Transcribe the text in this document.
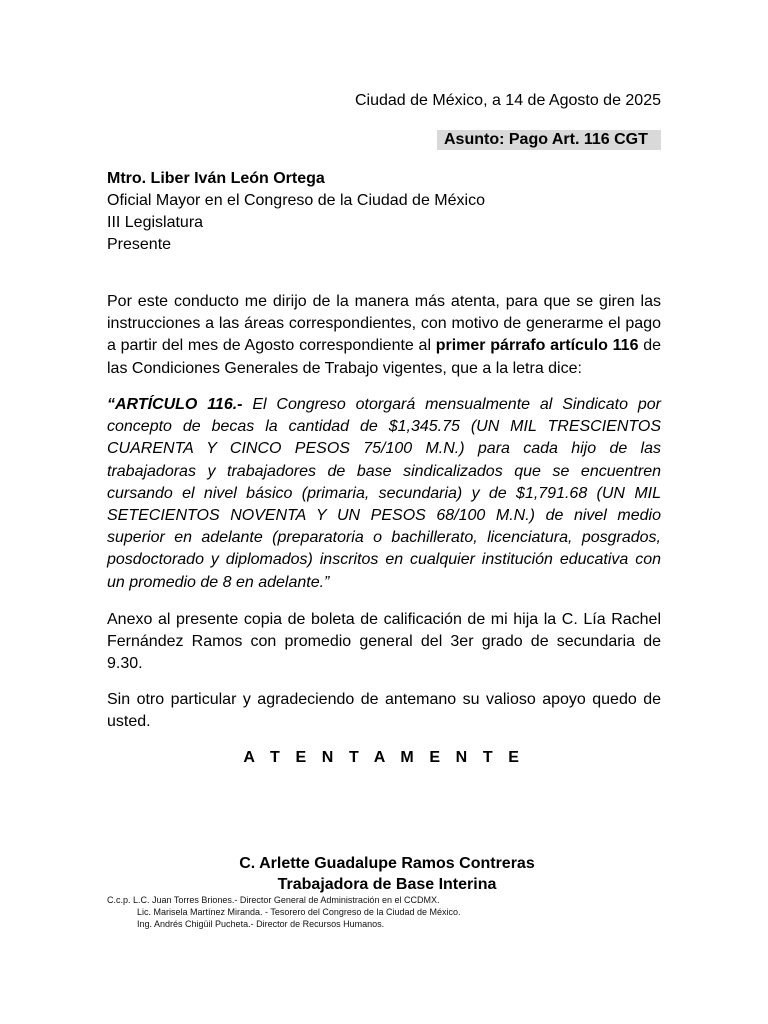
Ciudad de México, a 14 de Agosto de 2025
Asunto: Pago Art. 116 CGT
Mtro. Liber Iván León Ortega
Oficial Mayor en el Congreso de la Ciudad de México
III Legislatura
Presente

Por este conducto me dirijo de la manera más atenta, para que se giren las instrucciones a las áreas correspondientes, con motivo de generarme el pago a partir del mes de Agosto correspondiente al primer párrafo artículo 116 de las Condiciones Generales de Trabajo vigentes, que a la letra dice:

“ARTÍCULO 116.- El Congreso otorgará mensualmente al Sindicato por concepto de becas la cantidad de $1,345.75 (UN MIL TRESCIENTOS CUARENTA Y CINCO PESOS 75/100 M.N.) para cada hijo de las trabajadoras y trabajadores de base sindicalizados que se encuentren cursando el nivel básico (primaria, secundaria) y de $1,791.68 (UN MIL SETECIENTOS NOVENTA Y UN PESOS 68/100 M.N.) de nivel medio superior en adelante (preparatoria o bachillerato, licenciatura, posgrados, posdoctorado y diplomados) inscritos en cualquier institución educativa con un promedio de 8 en adelante.”

Anexo al presente copia de boleta de calificación de mi hija la C. Lía Rachel Fernández Ramos con promedio general del 3er grado de secundaria de 9.30.

Sin otro particular y agradeciendo de antemano su valioso apoyo quedo de usted.

A T E N T A M E N T E
C. Arlette Guadalupe Ramos Contreras
Trabajadora de Base Interina
C.c.p. L.C. Juan Torres Briones.- Director General de Administración en el CCDMX.
Lic. Marisela Martínez Miranda. - Tesorero del Congreso de la Ciudad de México.
Ing. Andrés Chigüil Pucheta.- Director de Recursos Humanos.
